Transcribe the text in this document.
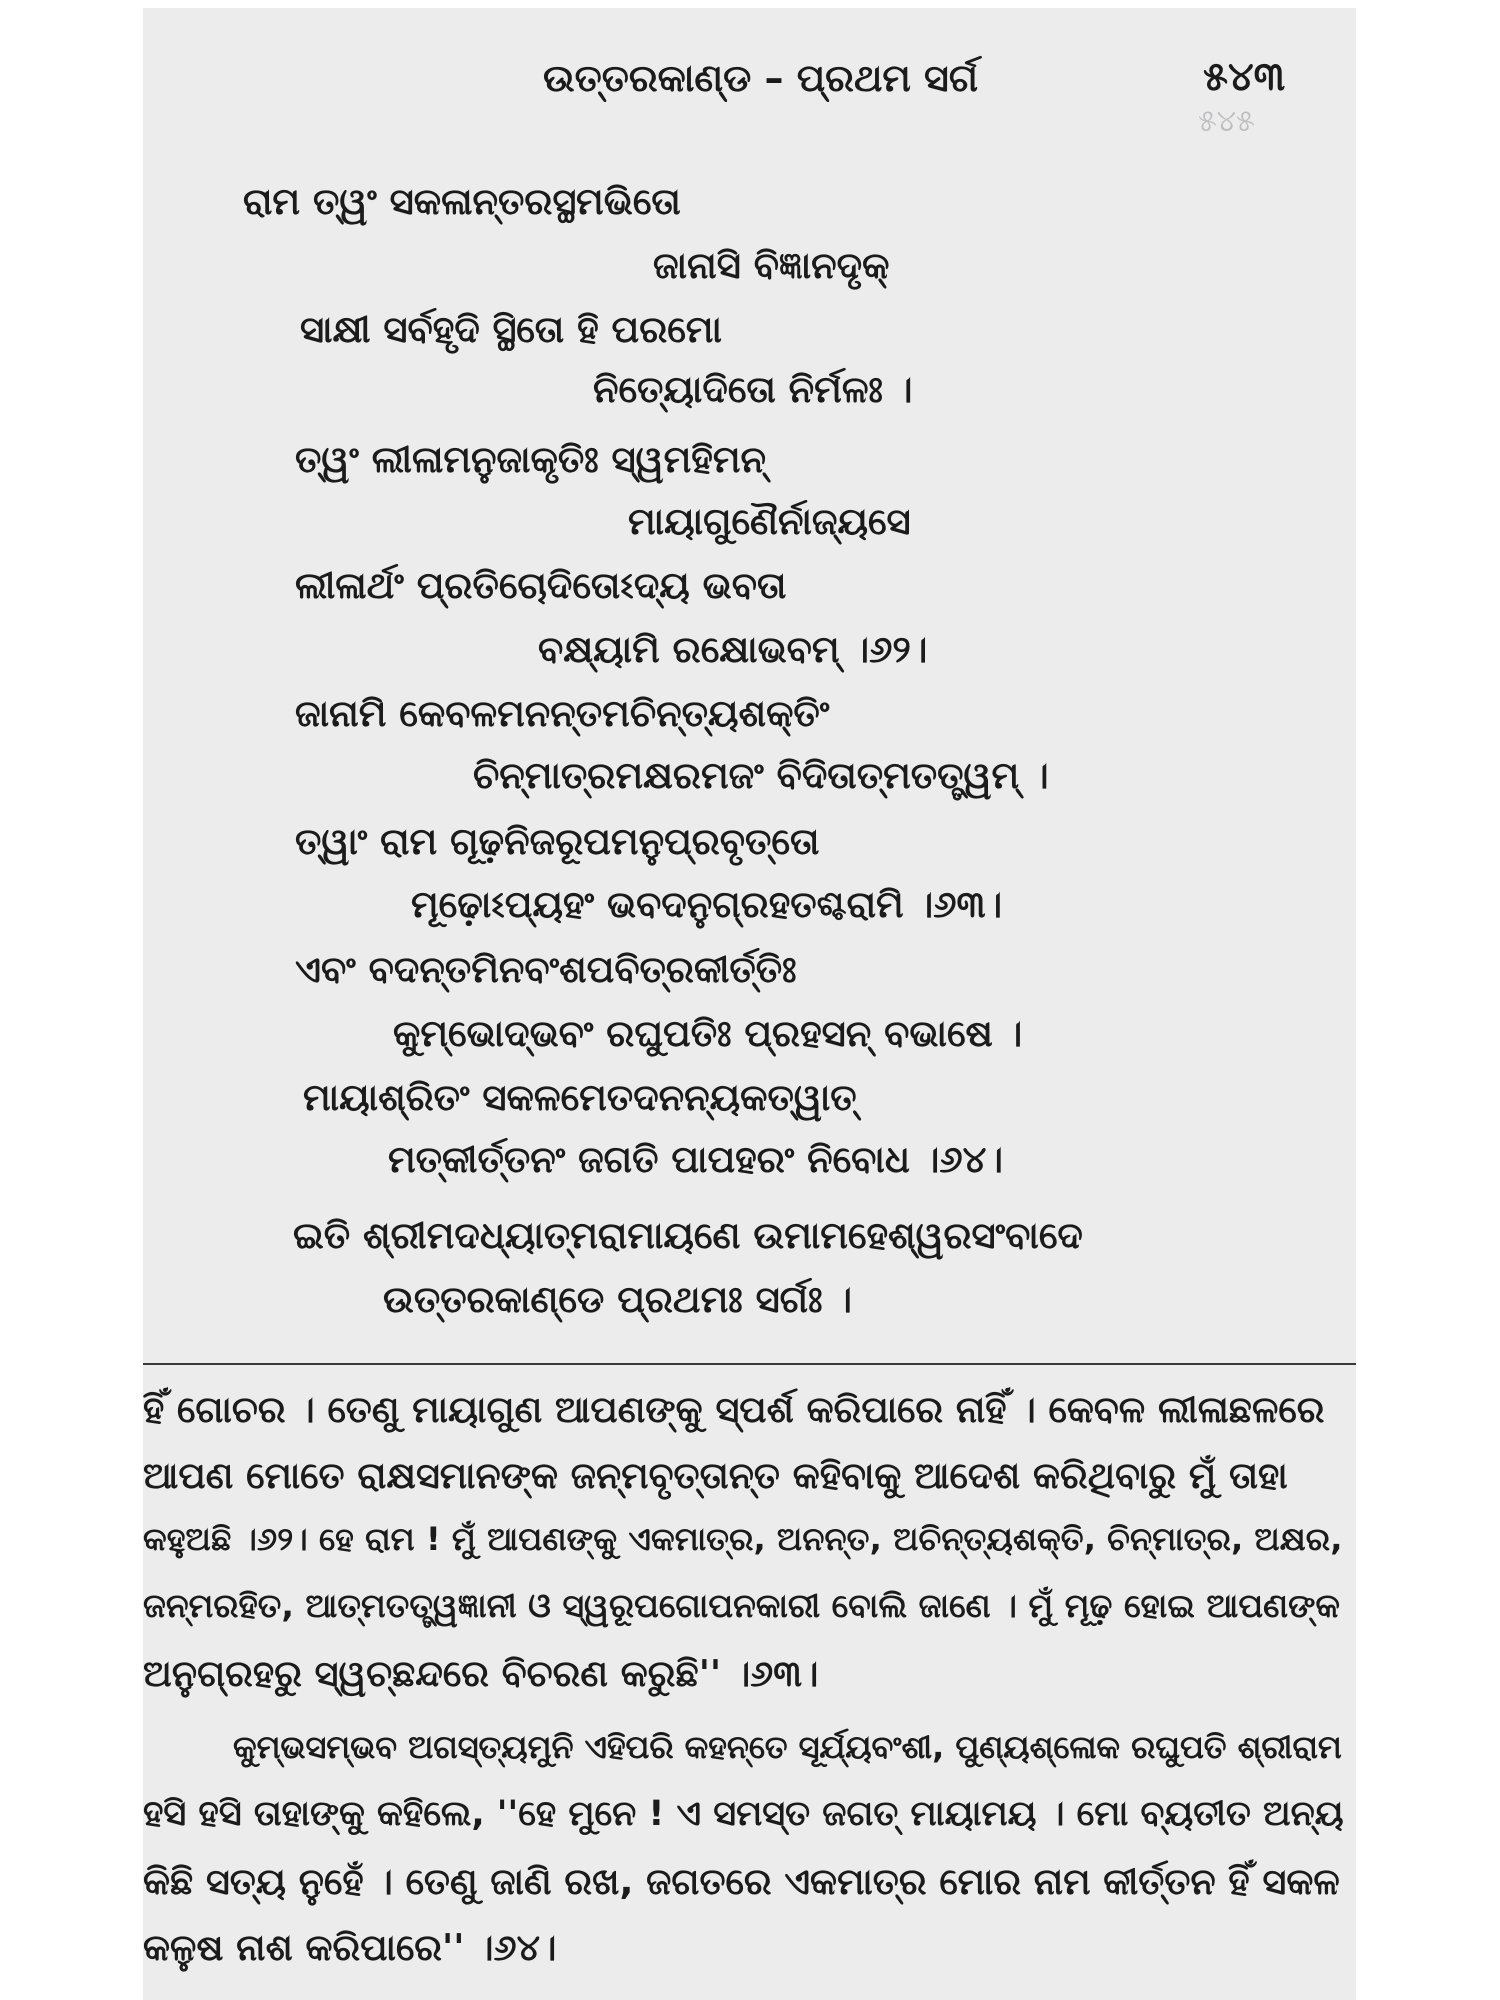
୫୪୫
ଉତ୍ତରକାଣ୍ଡ – ପ୍ରଥମ ସର୍ଗ	୫୪୩
ରାମ ତ୍ୱଂ ସକଳାନ୍ତରସ୍ଥମଭିତୋ
ଜାନାସି ବିଜ୍ଞାନଦୃକ୍
ସାକ୍ଷୀ ସର୍ବହୃଦି ସ୍ଥିତୋ ହି ପରମୋ
ନିତ୍ୟୋଦିତୋ ନିର୍ମଳଃ ।
ତ୍ୱଂ ଲୀଳାମନୁଜାକୃତିଃ ସ୍ୱମହିମନ୍
ମାୟାଗୁଣୈର୍ନାଜ୍ୟସେ
ଲୀଳାର୍ଥଂ ପ୍ରତିଚୋଦିତୋଽଦ୍ୟ ଭବତା
ବକ୍ଷ୍ୟାମି ରକ୍ଷୋଭବମ୍ ।୬୨।
ଜାନାମି କେବଳମନନ୍ତମଚିନ୍ତ୍ୟଶକ୍ତିଂ
ଚିନ୍ମାତ୍ରମକ୍ଷରମଜଂ ବିଦିତାତ୍ମତତ୍ତ୍ୱମ୍ ।
ତ୍ୱାଂ ରାମ ଗୂଢ଼ନିଜରୂପମନୁପ୍ରବୃତ୍ତୋ
ମୂଢ଼ୋଽପ୍ୟହଂ ଭବଦନୁଗ୍ରହତଶ୍ଚରାମି ।୬୩।
ଏବଂ ବଦନ୍ତମିନବଂଶପବିତ୍ରକୀର୍ତ୍ତିଃ
କୁମ୍ଭୋଦ୍ଭବଂ ରଘୁପତିଃ ପ୍ରହସନ୍ ବଭାଷେ ।
ମାୟାଶ୍ରିତଂ ସକଳମେତଦନନ୍ୟକତ୍ୱାତ୍
ମତ୍କୀର୍ତ୍ତନଂ ଜଗତି ପାପହରଂ ନିବୋଧ ।୬୪।
ଇତି ଶ୍ରୀମଦଧ୍ୟାତ୍ମରାମାୟଣେ ଉମାମହେଶ୍ୱରସଂବାଦେ
ଉତ୍ତରକାଣ୍ଡେ ପ୍ରଥମଃ ସର୍ଗଃ ।
ହିଁ ଗୋଚର । ତେଣୁ ମାୟାଗୁଣ ଆପଣଙ୍କୁ ସ୍ପର୍ଶ କରିପାରେ ନାହିଁ । କେବଳ ଲୀଳାଛଳରେ
ଆପଣ ମୋତେ ରାକ୍ଷସମାନଙ୍କ ଜନ୍ମବୃତ୍ତାନ୍ତ କହିବାକୁ ଆଦେଶ କରିଥିବାରୁ ମୁଁ ତାହା
କହୁଅଛି ।୬୨। ହେ ରାମ ! ମୁଁ ଆପଣଙ୍କୁ ଏକମାତ୍ର, ଅନନ୍ତ, ଅଚିନ୍ତ୍ୟଶକ୍ତି, ଚିନ୍ମାତ୍ର, ଅକ୍ଷର,
ଜନ୍ମରହିତ, ଆତ୍ମତତ୍ତ୍ୱଜ୍ଞାନୀ ଓ ସ୍ୱରୂପଗୋପନକାରୀ ବୋଲି ଜାଣେ । ମୁଁ ମୂଢ଼ ହୋଇ ଆପଣଙ୍କ
ଅନୁଗ୍ରହରୁ ସ୍ୱଚ୍ଛନ୍ଦରେ ବିଚରଣ କରୁଛି'' ।୬୩।
କୁମ୍ଭସମ୍ଭବ ଅଗସ୍ତ୍ୟମୁନି ଏହିପରି କହନ୍ତେ ସୂର୍ଯ୍ୟବଂଶୀ, ପୁଣ୍ୟଶ୍ଳୋକ ରଘୁପତି ଶ୍ରୀରାମ
ହସି ହସି ତାହାଙ୍କୁ କହିଲେ, ''ହେ ମୁନେ ! ଏ ସମସ୍ତ ଜଗତ୍ ମାୟାମୟ । ମୋ ବ୍ୟତୀତ ଅନ୍ୟ
କିଛି ସତ୍ୟ ନୁହେଁ । ତେଣୁ ଜାଣି ରଖ, ଜଗତରେ ଏକମାତ୍ର ମୋର ନାମ କୀର୍ତ୍ତନ ହିଁ ସକଳ
କଳୁଷ ନାଶ କରିପାରେ'' ।୬୪।
